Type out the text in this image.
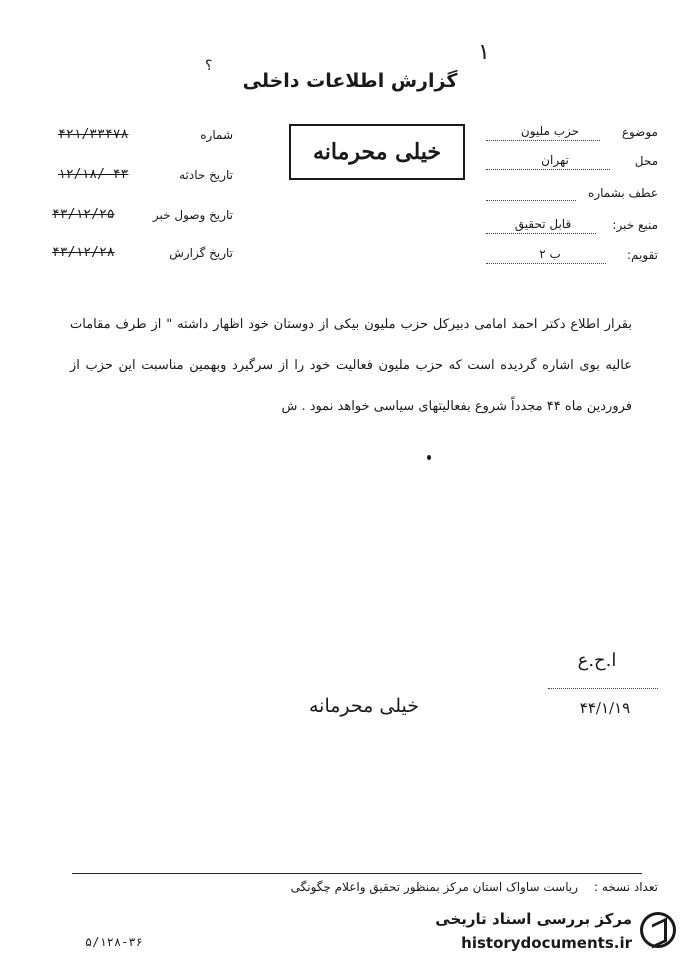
۱
؟
گزارش اطلاعات داخلی
شماره
۴۲۱/۳۳۴۷۸
تاریخ حادثه
۱۲/۱۸/ ۴۳
تاریخ وصول خبر
۴۳/۱۲/۲۵
تاریخ گزارش
۴۳/۱۲/۲۸
خیلی محرمانه
موضوع
حزب ملیون
محل
تهران
عطف بشماره
منبع خبر:
قابل تحقیق
تقویم:
ب ۲
بقرار اطلاع دکتر احمد امامی دبیرکل حزب ملیون بیکی از دوستان خود اظهار داشته " از طرف مقامات عالیه بوی اشاره گردیده است که حزب ملیون فعالیت خود را از سرگیرد وبهمین مناسبت این حزب از فروردین ماه ۴۴ مجدداً شروع بفعالیتهای سیاسی خواهد نمود . ش
ا.ح.ع
۴۴/۱/۱۹
خیلی محرمانه
تعداد نسخه :
ریاست ساواک استان مرکز بمنظور تحقیق واعلام چگونگی
۵/۱۲۸-۳۶
مرکز بررسی اسناد تاریخی
historydocuments.ir
